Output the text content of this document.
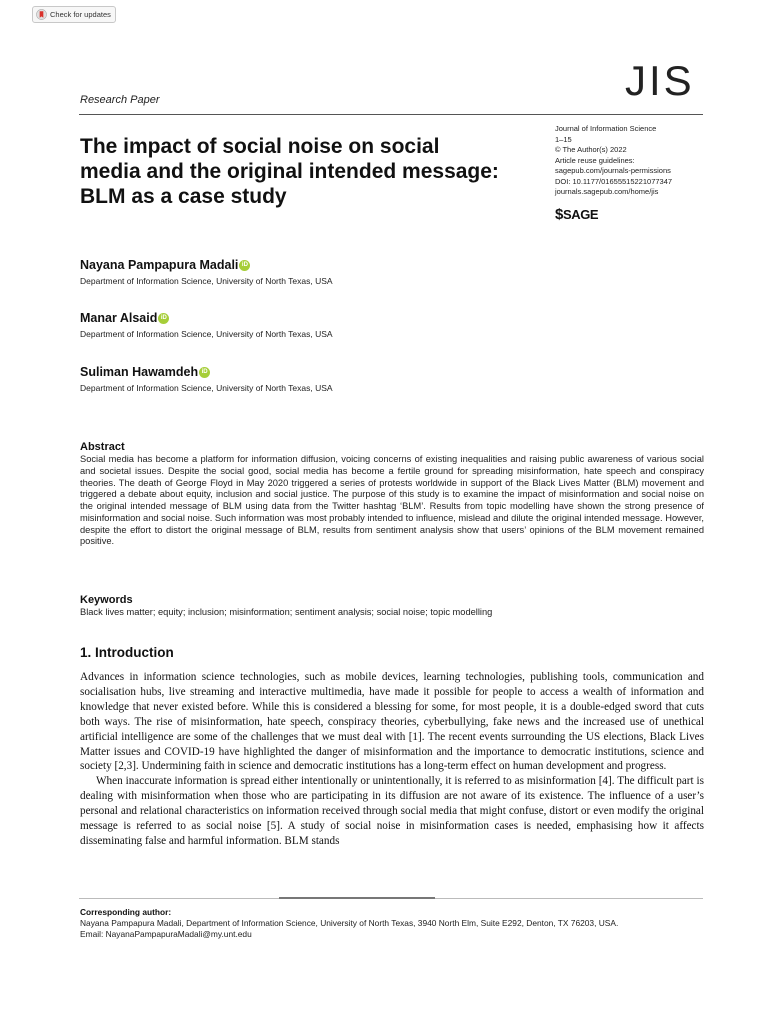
Check for updates
JIS
Research Paper
The impact of social noise on social media and the original intended message: BLM as a case study
Journal of Information Science
1–15
© The Author(s) 2022
Article reuse guidelines:
sagepub.com/journals-permissions
DOI: 10.1177/01655515221077347
journals.sagepub.com/home/jis
$ SAGE
Nayana Pampapura Madali iD
Department of Information Science, University of North Texas, USA
Manar Alsaid iD
Department of Information Science, University of North Texas, USA
Suliman Hawamdeh iD
Department of Information Science, University of North Texas, USA
Abstract

Social media has become a platform for information diffusion, voicing concerns of existing inequalities and raising public awareness of various social and societal issues. Despite the social good, social media has become a fertile ground for spreading misinformation, hate speech and conspiracy theories. The death of George Floyd in May 2020 triggered a series of protests worldwide in support of the Black Lives Matter (BLM) movement and triggered a debate about equity, inclusion and social justice. The purpose of this study is to examine the impact of misinformation and social noise on the original intended message of BLM using data from the Twitter hashtag ‘BLM’. Results from topic modelling have shown the strong presence of misinformation and social noise. Such information was most probably intended to influence, mislead and dilute the original intended message. However, despite the effort to distort the original message of BLM, results from sentiment analysis show that users’ opinions of the BLM movement remained positive.

Keywords

Black lives matter; equity; inclusion; misinformation; sentiment analysis; social noise; topic modelling

1. Introduction

Advances in information science technologies, such as mobile devices, learning technologies, publishing tools, communication and socialisation hubs, live streaming and interactive multimedia, have made it possible for people to access a wealth of information and knowledge that never existed before. While this is considered a blessing for some, for most people, it is a double-edged sword that cuts both ways. The rise of misinformation, hate speech, conspiracy theories, cyberbullying, fake news and the increased use of unethical artificial intelligence are some of the challenges that we must deal with [1]. The recent events surrounding the US elections, Black Lives Matter issues and COVID-19 have highlighted the danger of misinformation and the importance to democratic institutions, science and society [2,3]. Undermining faith in science and democratic institutions has a long-term effect on human development and progress.

When inaccurate information is spread either intentionally or unintentionally, it is referred to as misinformation [4]. The difficult part is dealing with misinformation when those who are participating in its diffusion are not aware of its existence. The influence of a user’s personal and relational characteristics on information received through social media that might confuse, distort or even modify the original message is referred to as social noise [5]. A study of social noise in misinformation cases is needed, emphasising how it affects disseminating false and harmful information. BLM stands

Corresponding author:
Nayana Pampapura Madali, Department of Information Science, University of North Texas, 3940 North Elm, Suite E292, Denton, TX 76203, USA.
Email: NayanaPampapuraMadali@my.unt.edu
